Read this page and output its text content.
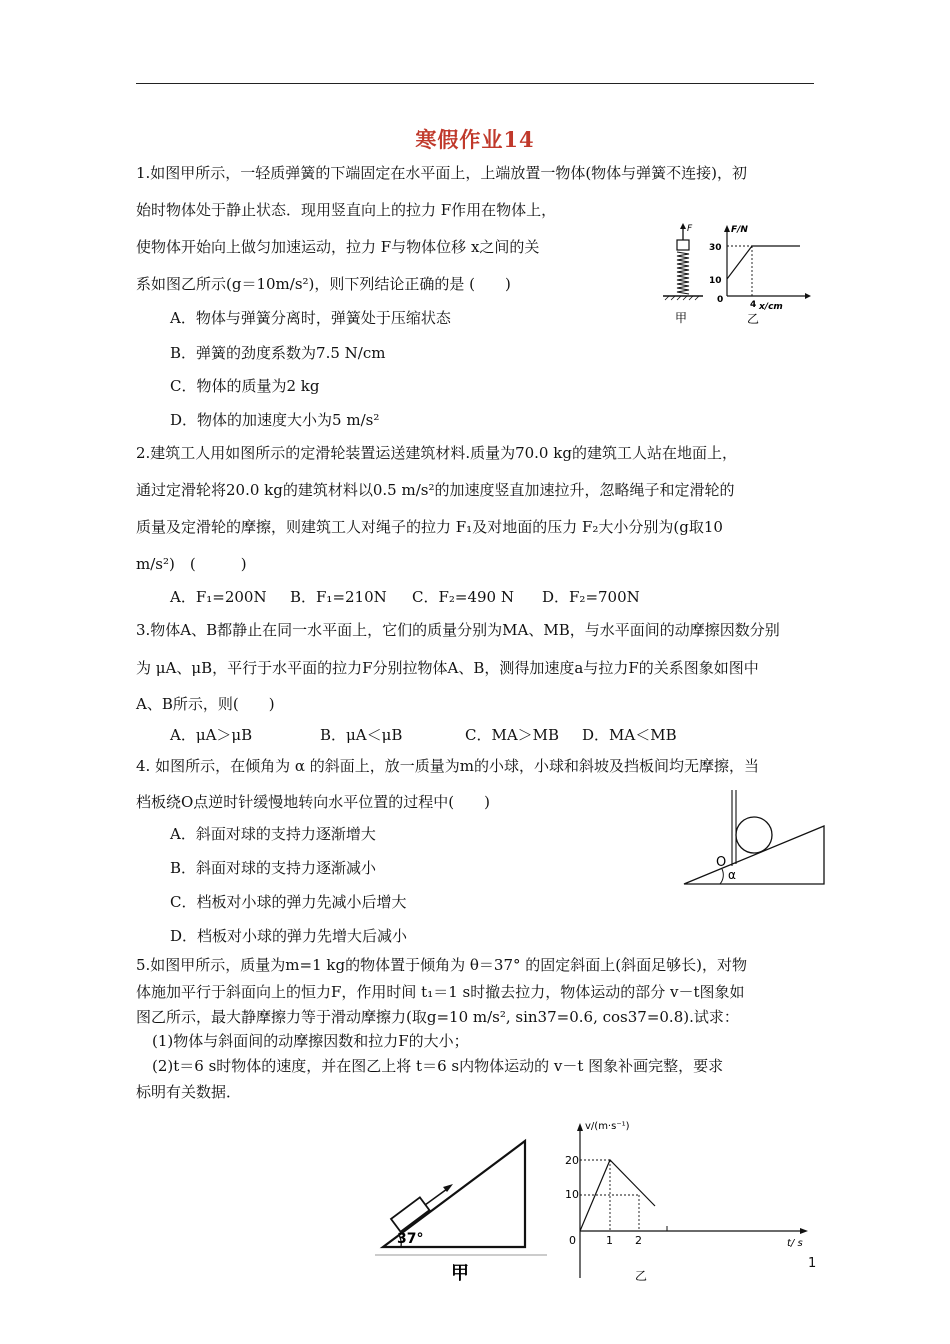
寒假作业14
1.如图甲所示，一轻质弹簧的下端固定在水平面上，上端放置一物体(物体与弹簧不连接)，初
始时物体处于静止状态．现用竖直向上的拉力 F作用在物体上，
使物体开始向上做匀加速运动，拉力 F与物体位移 x之间的关
系如图乙所示(g＝10m/s²)，则下列结论正确的是 (　　)
A．物体与弹簧分离时，弹簧处于压缩状态
B．弹簧的劲度系数为7.5 N/cm
C．物体的质量为2 kg
D．物体的加速度大小为5 m/s²
F
甲
F/N
x/cm
30
10
0	4
乙
2.建筑工人用如图所示的定滑轮装置运送建筑材料.质量为70.0 kg的建筑工人站在地面上，
通过定滑轮将20.0 kg的建筑材料以0.5 m/s²的加速度竖直加速拉升，忽略绳子和定滑轮的
质量及定滑轮的摩擦，则建筑工人对绳子的拉力 F₁及对地面的压力 F₂大小分别为(g取10
m/s²)　(　　　)
A．F₁=200N B．F₁=210N C．F₂=490 N D．F₂=700N
3.物体A、B都静止在同一水平面上，它们的质量分别为MA、MB，与水平面间的动摩擦因数分别
为 μA、μB，平行于水平面的拉力F分别拉物体A、B，测得加速度a与拉力F的关系图象如图中
A、B所示，则(　　)
A．μA＞μB	B．μA＜μB	C．MA＞MB D．MA＜MB
4. 如图所示，在倾角为 α 的斜面上，放一质量为m的小球，小球和斜坡及挡板间均无摩擦，当
档板绕O点逆时针缓慢地转向水平位置的过程中(　　)
A．斜面对球的支持力逐渐增大
B．斜面对球的支持力逐渐减小
C．档板对小球的弹力先减小后增大
D．档板对小球的弹力先增大后减小
O
α
5.如图甲所示，质量为m=1 kg的物体置于倾角为 θ＝37° 的固定斜面上(斜面足够长)，对物
体施加平行于斜面向上的恒力F，作用时间 t₁＝1 s时撤去拉力，物体运动的部分 v－t图象如
图乙所示，最大静摩擦力等于滑动摩擦力(取g=10 m/s², sin37=0.6, cos37=0.8).试求：
(1)物体与斜面间的动摩擦因数和拉力F的大小；
(2)t＝6 s时物体的速度，并在图乙上将 t＝6 s内物体运动的 v－t 图象补画完整，要求
标明有关数据．
37°
甲
v/(m·s⁻¹)
t/ s
20
10
0	1 2
乙
1
